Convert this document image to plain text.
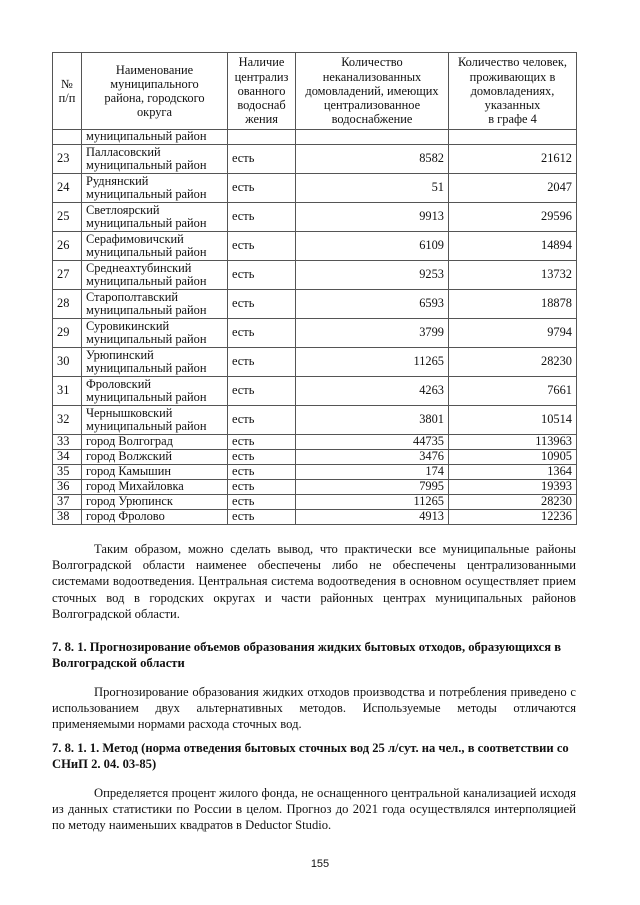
№
п/п	Наименование
муниципального
района, городского
округа	Наличие
централиз
ованного
водоснаб
жения	Количество
неканализованных
домовладений, имеющих
централизованное
водоснабжение	Количество человек,
проживающих в
домовладениях,
указанных
в графе 4
	муниципальный район			
23	Палласовский
муниципальный район	есть	8582	21612
24	Руднянский
муниципальный район	есть	51	2047
25	Светлоярский
муниципальный район	есть	9913	29596
26	Серафимовичский
муниципальный район	есть	6109	14894
27	Среднеахтубинский
муниципальный район	есть	9253	13732
28	Старополтавский
муниципальный район	есть	6593	18878
29	Суровикинский
муниципальный район	есть	3799	9794
30	Урюпинский
муниципальный район	есть	11265	28230
31	Фроловский
муниципальный район	есть	4263	7661
32	Чернышковский
муниципальный район	есть	3801	10514
33	город Волгоград	есть	44735	113963
34	город Волжский	есть	3476	10905
35	город Камышин	есть	174	1364
36	город Михайловка	есть	7995	19393
37	город Урюпинск	есть	11265	28230
38	город Фролово	есть	4913	12236

Таким образом, можно сделать вывод, что практически все муниципальные районы Волгоградской области наименее обеспечены либо не обеспечены централизованными системами водоотведения. Центральная система водоотведения в основном осуществляет прием сточных вод в городских округах и части районных центрах муниципальных районов Волгоградской области.

7. 8. 1. Прогнозирование объемов образования жидких бытовых отходов, образующихся в Волгоградской области

Прогнозирование образования жидких отходов производства и потребления приведено с использованием двух альтернативных методов. Используемые методы отличаются применяемыми нормами расхода сточных вод.

7. 8. 1. 1. Метод (норма отведения бытовых сточных вод 25 л/сут. на чел., в соответствии со СНиП 2. 04. 03-85)

Определяется процент жилого фонда, не оснащенного центральной канализацией исходя из данных статистики по России в целом. Прогноз до 2021 года осуществлялся интерполяцией по методу наименьших квадратов в Deductor Studio.

155
